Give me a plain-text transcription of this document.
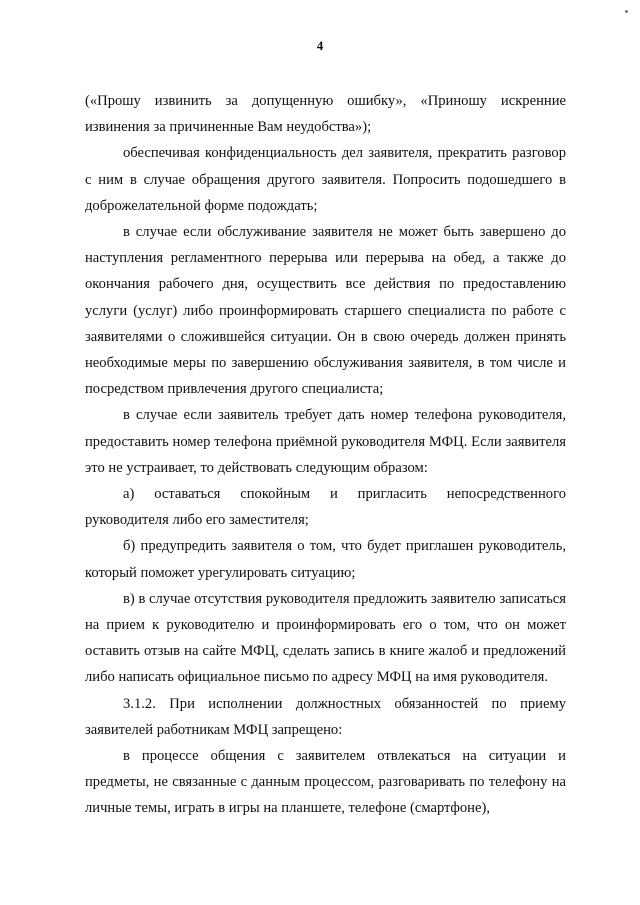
4

(«Прошу извинить за допущенную ошибку», «Приношу искренние извинения за причиненные Вам неудобства»);

обеспечивая конфиденциальность дел заявителя, прекратить разговор с ним в случае обращения другого заявителя. Попросить подошедшего в доброжелательной форме подождать;

в случае если обслуживание заявителя не может быть завершено до наступления регламентного перерыва или перерыва на обед, а также до окончания рабочего дня, осуществить все действия по предоставлению услуги (услуг) либо проинформировать старшего специалиста по работе с заявителями о сложившейся ситуации. Он в свою очередь должен принять необходимые меры по завершению обслуживания заявителя, в том числе и посредством привлечения другого специалиста;

в случае если заявитель требует дать номер телефона руководителя, предоставить номер телефона приёмной руководителя МФЦ. Если заявителя это не устраивает, то действовать следующим образом:

а) оставаться спокойным и пригласить непосредственного руководителя либо его заместителя;

б) предупредить заявителя о том, что будет приглашен руководитель, который поможет урегулировать ситуацию;

в) в случае отсутствия руководителя предложить заявителю записаться на прием к руководителю и проинформировать его о том, что он может оставить отзыв на сайте МФЦ, сделать запись в книге жалоб и предложений либо написать официальное письмо по адресу МФЦ на имя руководителя.

3.1.2. При исполнении должностных обязанностей по приему заявителей работникам МФЦ запрещено:

в процессе общения с заявителем отвлекаться на ситуации и предметы, не связанные с данным процессом, разговаривать по телефону на личные темы, играть в игры на планшете, телефоне (смартфоне),
